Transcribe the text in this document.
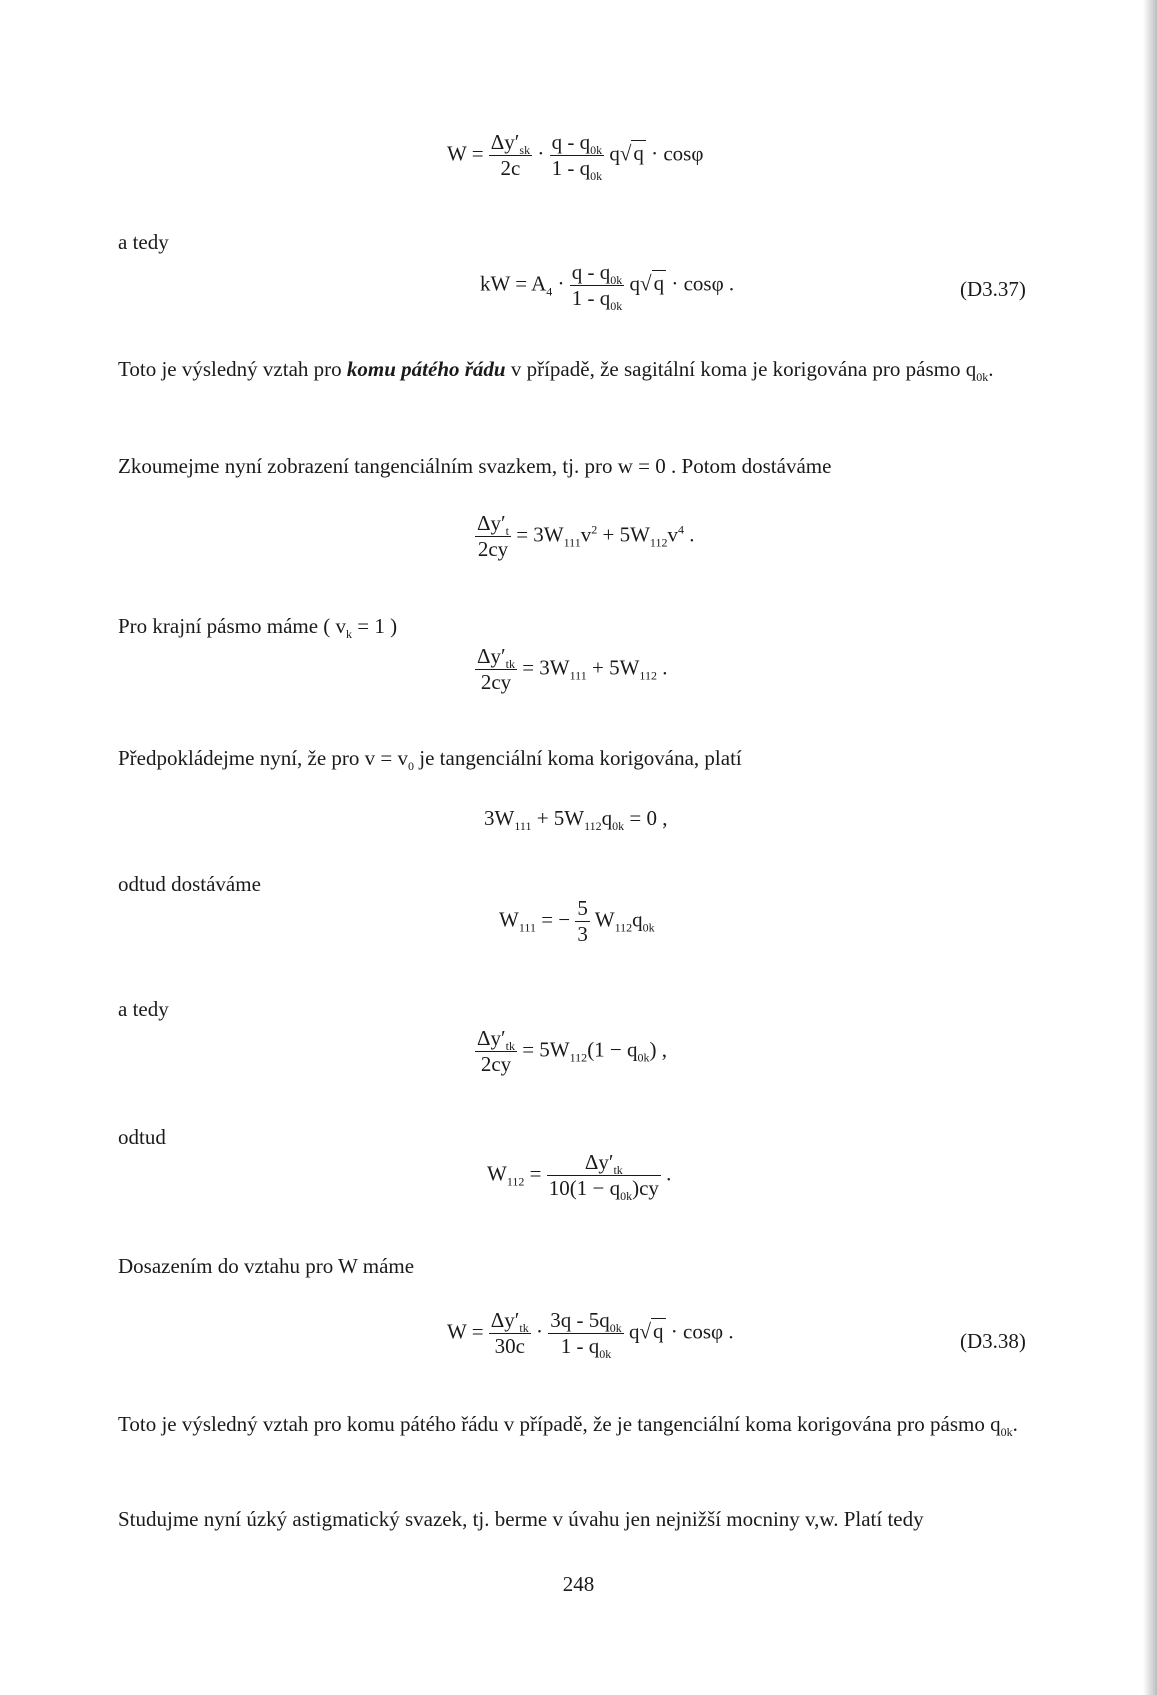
$W = \frac{\Delta y'_{sk}}{2c} \cdot \frac{q - q_{0k}}{1 - q_{0k}} q√q \cdot \cos\varphi$
a tedy
kW = $A_4 \cdot \frac{q - q_{0k}}{1 - q_{0k}} q√q \cdot \cos\varphi$ .	(D3.37)
Toto je výsledný vztah pro komu pátého řádu v případě, že sagitální koma je korigována pro pásmo $q_{0k}$.
Zkoumejme nyní zobrazení tangenciálním svazkem, tj. pro w = 0 . Potom dostáváme
$\frac{\Delta y'_t}{2cy} = 3W_{111}v^2 + 5W_{112}v^4$ .
Pro krajní pásmo máme ( $v_k = 1$ )
$\frac{\Delta y'_{tk}}{2cy} = 3W_{111} + 5W_{112}$ .
Předpokládejme nyní, že pro $v = v_0$ je tangenciální koma korigována, platí
$3W_{111} + 5W_{112}q_{0k} = 0$ ,
odtud dostáváme
$W_{111}$ = − $\frac{5}{3} W_{112}q_{0k}$
a tedy
$\frac{\Delta y'_{tk}}{2cy} = 5W_{112}(1 - q_{0k})$ ,
odtud
$W_{112} = \frac{\Delta y'_{tk}}{10(1 - q_{0k})cy}$ .
Dosazením do vztahu pro W máme
$W = \frac{\Delta y'_{tk}}{30c} \cdot \frac{3q - 5q_{0k}}{1 - q_{0k}} q√q \cdot \cos\varphi$ .	(D3.38)
Toto je výsledný vztah pro komu pátého řádu v případě, že je tangenciální koma korigována pro pásmo $q_{0k}$.
Studujme nyní úzký astigmatický svazek, tj. berme v úvahu jen nejnižší mocniny v,w. Platí tedy
248
